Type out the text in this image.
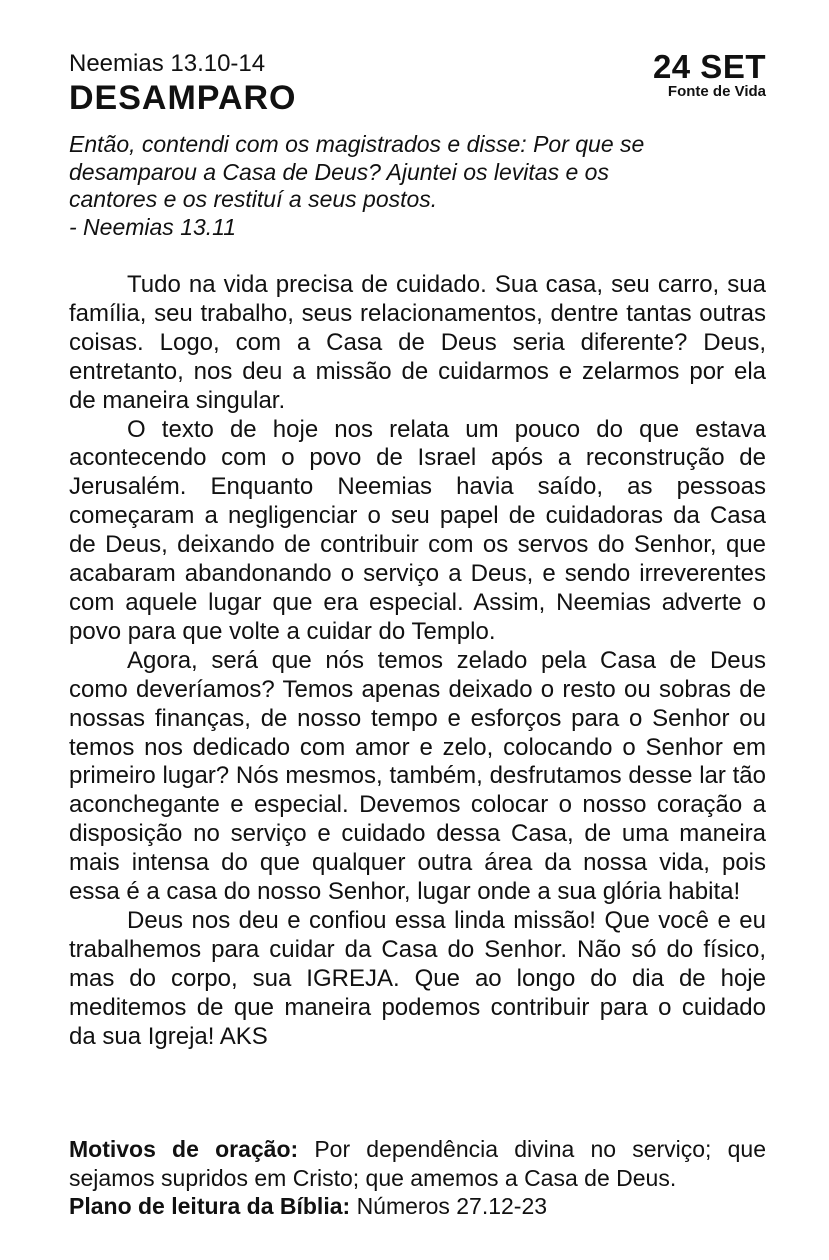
Neemias 13.10-14

DESAMPARO
24 SET
Fonte de Vida
Então, contendi com os magistrados e disse: Por que se
desamparou a Casa de Deus? Ajuntei os levitas e os
cantores e os restituí a seus postos.
- Neemias 13.11

Tudo na vida precisa de cuidado. Sua casa, seu carro, sua família, seu trabalho, seus relacionamentos, dentre tantas outras coisas. Logo, com a Casa de Deus seria diferente? Deus, entretanto, nos deu a missão de cuidarmos e zelarmos por ela de maneira singular.

O texto de hoje nos relata um pouco do que estava acontecendo com o povo de Israel após a reconstrução de Jerusalém. Enquanto Neemias havia saído, as pessoas começaram a negligenciar o seu papel de cuidadoras da Casa de Deus, deixando de contribuir com os servos do Senhor, que acabaram abandonando o serviço a Deus, e sendo irreverentes com aquele lugar que era especial. Assim, Neemias adverte o povo para que volte a cuidar do Templo.

Agora, será que nós temos zelado pela Casa de Deus como deveríamos? Temos apenas deixado o resto ou sobras de nossas finanças, de nosso tempo e esforços para o Senhor ou temos nos dedicado com amor e zelo, colocando o Senhor em primeiro lugar? Nós mesmos, também, desfrutamos desse lar tão aconchegante e especial. Devemos colocar o nosso coração a disposição no serviço e cuidado dessa Casa, de uma maneira mais intensa do que qualquer outra área da nossa vida, pois essa é a casa do nosso Senhor, lugar onde a sua glória habita!

Deus nos deu e confiou essa linda missão! Que você e eu trabalhemos para cuidar da Casa do Senhor. Não só do físico, mas do corpo, sua IGREJA. Que ao longo do dia de hoje meditemos de que maneira podemos contribuir para o cuidado da sua Igreja! AKS

Motivos de oração: Por dependência divina no serviço; que sejamos supridos em Cristo; que amemos a Casa de Deus.

Plano de leitura da Bíblia: Números 27.12-23
